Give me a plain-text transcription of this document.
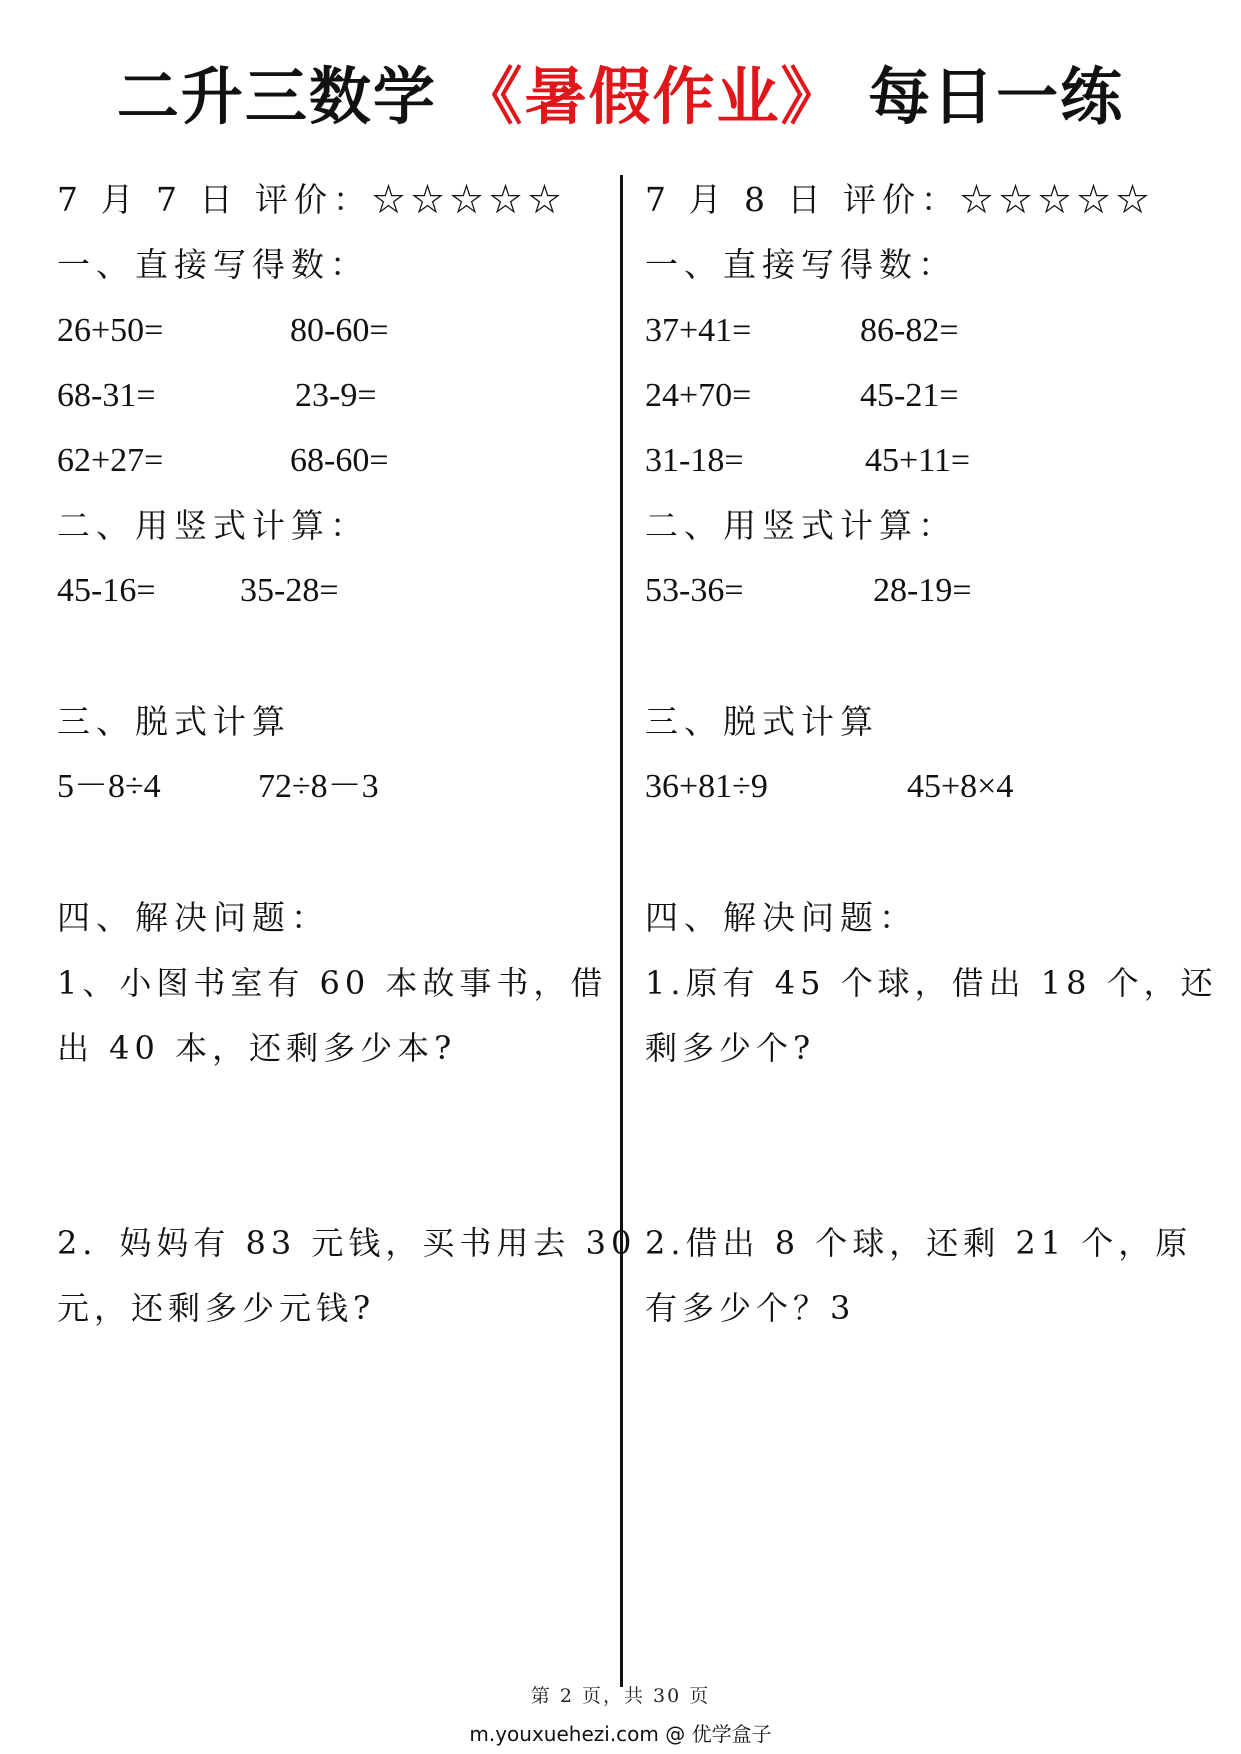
二升三数学 《暑假作业》 每日一练
7 月 7 日 评价：☆☆☆☆☆
一、直接写得数：
26+50=	80-60=
68-31=	23-9=
62+27=	68-60=
二、用竖式计算：
45-16= 35-28=
三、脱式计算
5－8÷4	72÷8－3
四、解决问题：
1、小图书室有 60 本故事书，借
出 40 本，还剩多少本?
2．妈妈有 83 元钱，买书用去 30
元，还剩多少元钱?
7 月 8 日 评价：☆☆☆☆☆
一、直接写得数：
37+41=	86-82=
24+70=	45-21=
31-18=	45+11=
二、用竖式计算：
53-36=	28-19=
三、脱式计算
36+81÷9	45+8×4
四、解决问题：
1.原有 45 个球，借出 18 个，还
剩多少个?
2.借出 8 个球，还剩 21 个，原
有多少个？3
第 2 页，共 30 页
m.youxuehezi.com @ 优学盒子
